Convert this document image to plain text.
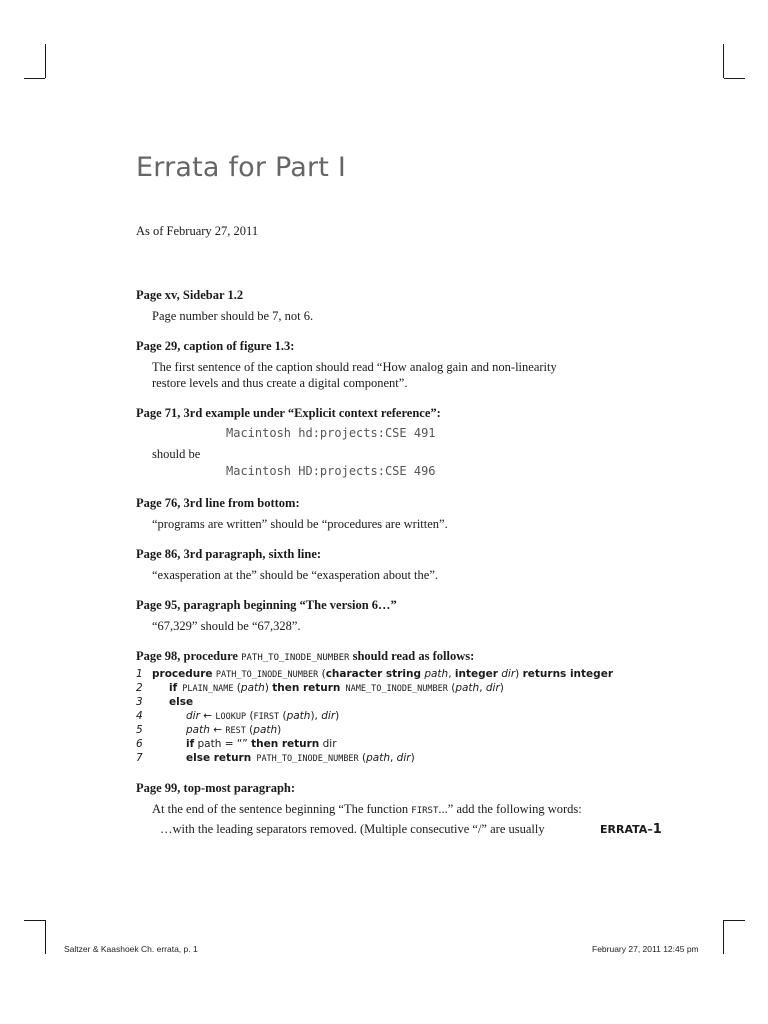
Errata for Part I
As of February 27, 2011
Page xv, Sidebar 1.2
Page number should be 7, not 6.
Page 29, caption of figure 1.3:
The first sentence of the caption should read “How analog gain and non-linearity restore levels and thus create a digital component”.
Page 71, 3rd example under “Explicit context reference”:
Macintosh hd:projects:CSE 491
should be
Macintosh HD:projects:CSE 496
Page 76, 3rd line from bottom:
“programs are written” should be “procedures are written”.
Page 86, 3rd paragraph, sixth line:
“exasperation at the” should be “exasperation about the”.
Page 95, paragraph beginning “The version 6…”
“67,329” should be “67,328”.
Page 98, procedure PATH_TO_INODE_NUMBER should read as follows:
1 procedure PATH_TO_INODE_NUMBER (character string path, integer dir) returns integer
2	if PLAIN_NAME (path) then return NAME_TO_INODE_NUMBER (path, dir)
3	else
4	dir ← LOOKUP (FIRST (path), dir)
5	path ← REST (path)
6	if path = “” then return dir
7	else return PATH_TO_INODE_NUMBER (path, dir)
Page 99, top-most paragraph:
At the end of the sentence beginning “The function FIRST...” add the following words:
…with the leading separators removed. (Multiple consecutive “/” are usually	ERRATA–1
Saltzer & Kaashoek Ch. errata, p. 1	February 27, 2011 12:45 pm
